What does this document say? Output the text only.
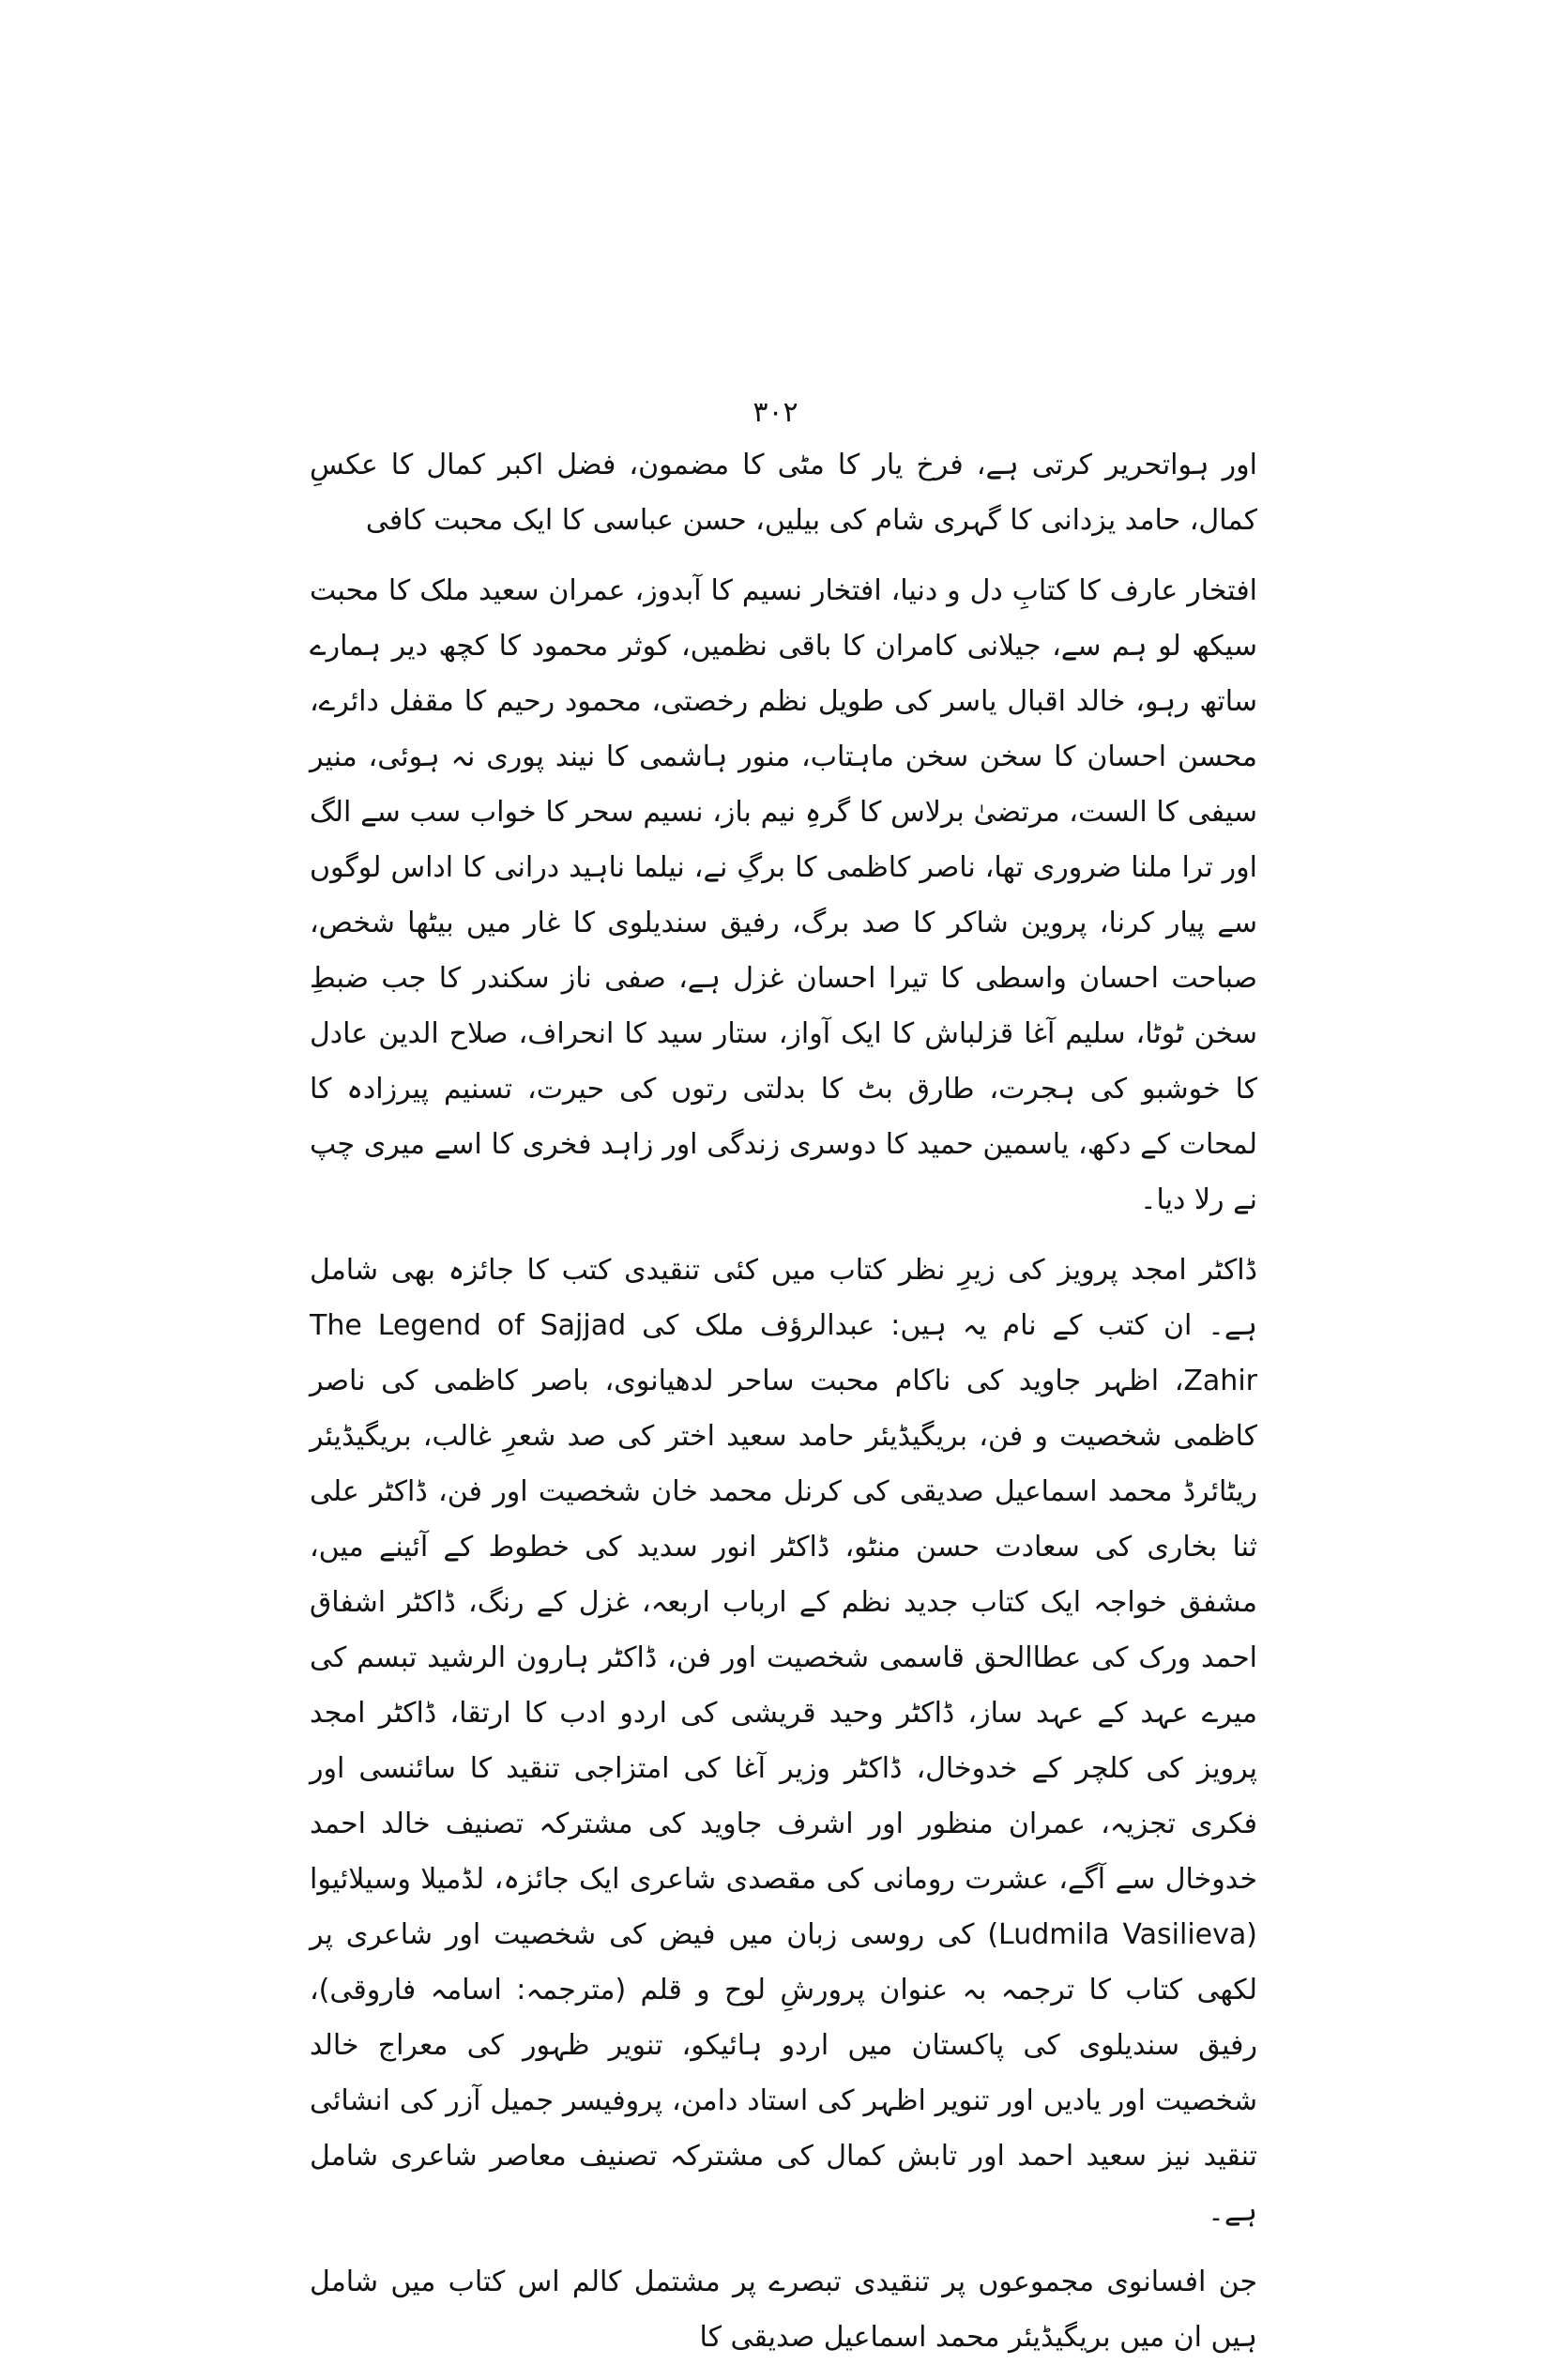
۳۰۲

اور ہواتحریر کرتی ہے، فرخ یار کا مٹی کا مضمون، فضل اکبر کمال کا عکسِ کمال، حامد یزدانی کا گہری شام کی بیلیں، حسن عباسی کا ایک محبت کافی

افتخار عارف کا کتابِ دل و دنیا، افتخار نسیم کا آبدوز، عمران سعید ملک کا محبت سیکھ لو ہم سے، جیلانی کامران کا باقی نظمیں، کوثر محمود کا کچھ دیر ہمارے ساتھ رہو، خالد اقبال یاسر کی طویل نظم رخصتی، محمود رحیم کا مقفل دائرے، محسن احسان کا سخن سخن ماہتاب، منور ہاشمی کا نیند پوری نہ ہوئی، منیر سیفی کا الست، مرتضیٰ برلاس کا گرہِ نیم باز، نسیم سحر کا خواب سب سے الگ اور ترا ملنا ضروری تھا، ناصر کاظمی کا برگِ نے، نیلما ناہید درانی کا اداس لوگوں سے پیار کرنا، پروین شاکر کا صد برگ، رفیق سندیلوی کا غار میں بیٹھا شخص، صباحت احسان واسطی کا تیرا احسان غزل ہے، صفی ناز سکندر کا جب ضبطِ سخن ٹوٹا، سلیم آغا قزلباش کا ایک آواز، ستار سید کا انحراف، صلاح الدین عادل کا خوشبو کی ہجرت، طارق بٹ کا بدلتی رتوں کی حیرت، تسنیم پیرزادہ کا لمحات کے دکھ، یاسمین حمید کا دوسری زندگی اور زاہد فخری کا اسے میری چپ نے رلا دیا۔

ڈاکٹر امجد پرویز کی زیرِ نظر کتاب میں کئی تنقیدی کتب کا جائزہ بھی شامل ہے۔ ان کتب کے نام یہ ہیں: عبدالرؤف ملک کی The Legend of Sajjad Zahir، اظہر جاوید کی ناکام محبت ساحر لدھیانوی، باصر کاظمی کی ناصر کاظمی شخصیت و فن، بریگیڈیئر حامد سعید اختر کی صد شعرِ غالب، بریگیڈیئر ریٹائرڈ محمد اسماعیل صدیقی کی کرنل محمد خان شخصیت اور فن، ڈاکٹر علی ثنا بخاری کی سعادت حسن منٹو، ڈاکٹر انور سدید کی خطوط کے آئینے میں، مشفق خواجہ ایک کتاب جدید نظم کے ارباب اربعہ، غزل کے رنگ، ڈاکٹر اشفاق احمد ورک کی عطاالحق قاسمی شخصیت اور فن، ڈاکٹر ہارون الرشید تبسم کی میرے عہد کے عہد ساز، ڈاکٹر وحید قریشی کی اردو ادب کا ارتقا، ڈاکٹر امجد پرویز کی کلچر کے خدوخال، ڈاکٹر وزیر آغا کی امتزاجی تنقید کا سائنسی اور فکری تجزیہ، عمران منظور اور اشرف جاوید کی مشترکہ تصنیف خالد احمد خدوخال سے آگے، عشرت رومانی کی مقصدی شاعری ایک جائزہ، لڈمیلا وسیلائیوا (Ludmila Vasilieva) کی روسی زبان میں فیض کی شخصیت اور شاعری پر لکھی کتاب کا ترجمہ بہ عنوان پرورشِ لوح و قلم (مترجمہ: اسامہ فاروقی)، رفیق سندیلوی کی پاکستان میں اردو ہائیکو، تنویر ظہور کی معراج خالد شخصیت اور یادیں اور تنویر اظہر کی استاد دامن، پروفیسر جمیل آزر کی انشائی تنقید نیز سعید احمد اور تابش کمال کی مشترکہ تصنیف معاصر شاعری شامل ہے۔

جن افسانوی مجموعوں پر تنقیدی تبصرے پر مشتمل کالم اس کتاب میں شامل ہیں ان میں بریگیڈیئر محمد اسماعیل صدیقی کا
